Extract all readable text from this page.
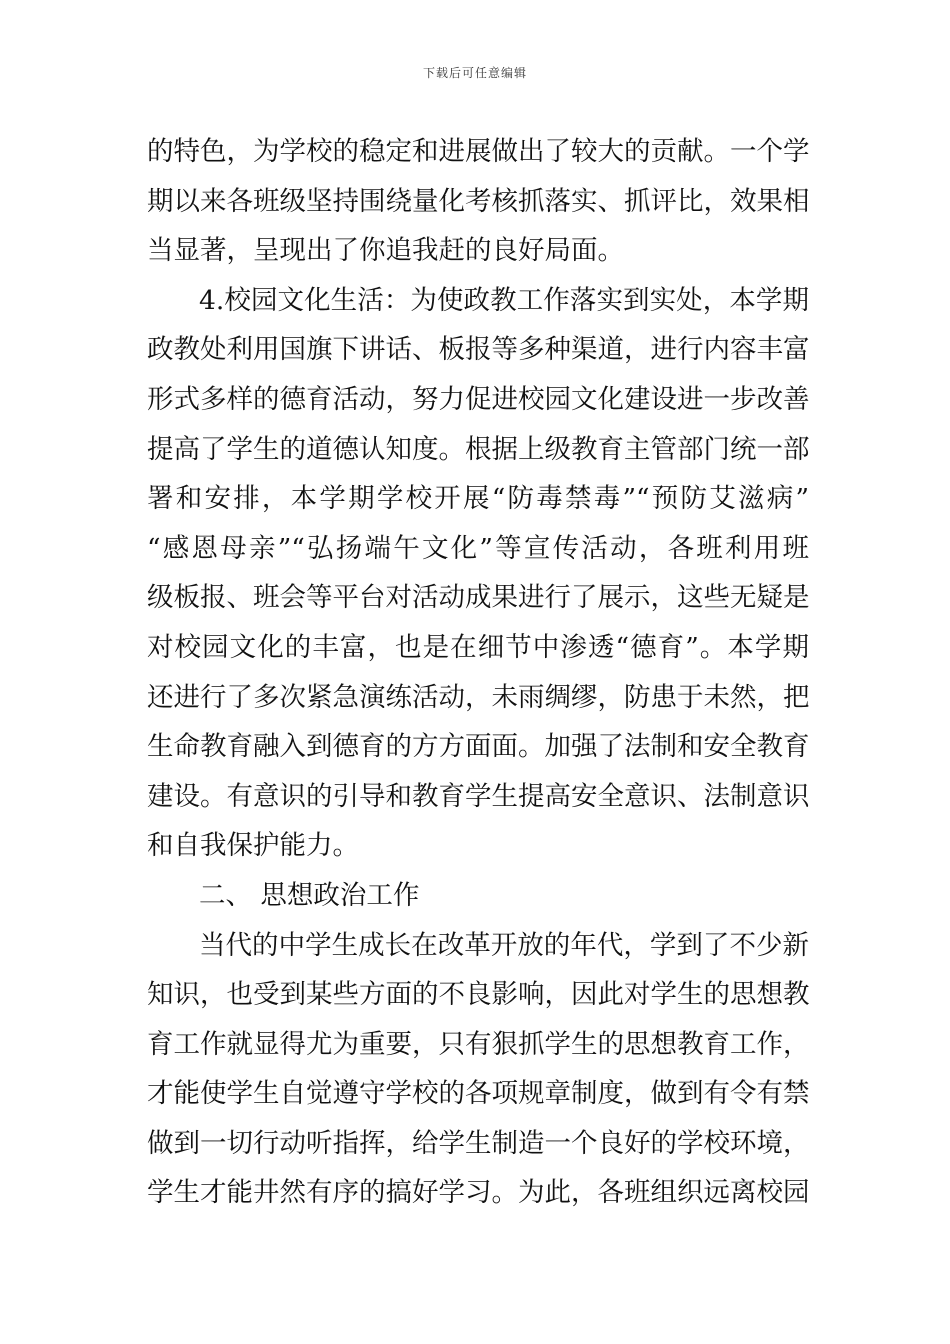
下载后可任意编辑
的特色，为学校的稳定和进展做出了较大的贡献。一个学
期以来各班级坚持围绕量化考核抓落实、抓评比，效果相
当显著，呈现出了你追我赶的良好局面。
4.校园文化生活：为使政教工作落实到实处，本学期
政教处利用国旗下讲话、板报等多种渠道，进行内容丰富
形式多样的德育活动，努力促进校园文化建设进一步改善
提高了学生的道德认知度。根据上级教育主管部门统一部
署和安排，本学期学校开展“防毒禁毒”“预防艾滋病”
“感恩母亲”“弘扬端午文化”等宣传活动，各班利用班
级板报、班会等平台对活动成果进行了展示，这些无疑是
对校园文化的丰富，也是在细节中渗透“德育”。本学期
还进行了多次紧急演练活动，未雨绸缪，防患于未然，把
生命教育融入到德育的方方面面。加强了法制和安全教育
建设。有意识的引导和教育学生提高安全意识、法制意识
和自我保护能力。
二、 思想政治工作
当代的中学生成长在改革开放的年代，学到了不少新
知识，也受到某些方面的不良影响，因此对学生的思想教
育工作就显得尤为重要，只有狠抓学生的思想教育工作，
才能使学生自觉遵守学校的各项规章制度，做到有令有禁
做到一切行动听指挥，给学生制造一个良好的学校环境，
学生才能井然有序的搞好学习。为此，各班组织远离校园
